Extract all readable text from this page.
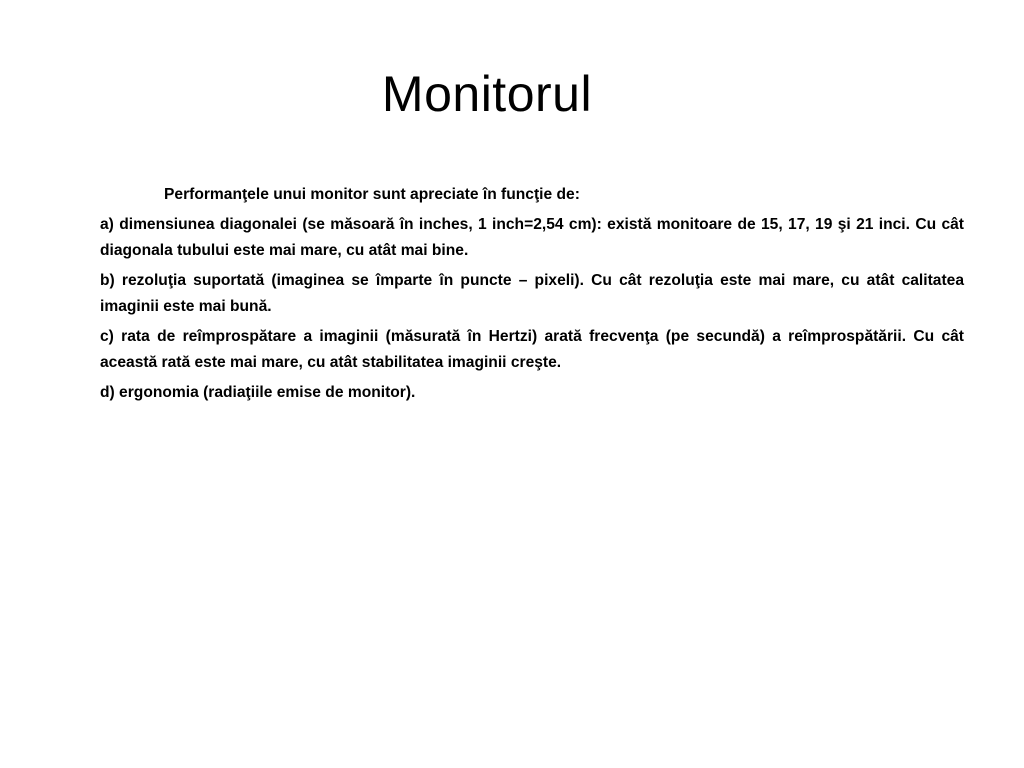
Monitorul

Performanţele unui monitor sunt apreciate în funcţie de:

a) dimensiunea diagonalei (se măsoară în inches, 1 inch=2,54 cm): există monitoare de 15, 17, 19 şi 21 inci. Cu cât diagonala tubului este mai mare, cu atât mai bine.

b) rezoluţia suportată (imaginea se împarte în puncte – pixeli). Cu cât rezoluţia este mai mare, cu atât calitatea imaginii este mai bună.

c) rata de reîmprospătare a imaginii (măsurată în Hertzi) arată frecvenţa (pe secundă) a reîmprospătării. Cu cât această rată este mai mare, cu atât stabilitatea imaginii creşte.

d) ergonomia (radiaţiile emise de monitor).
